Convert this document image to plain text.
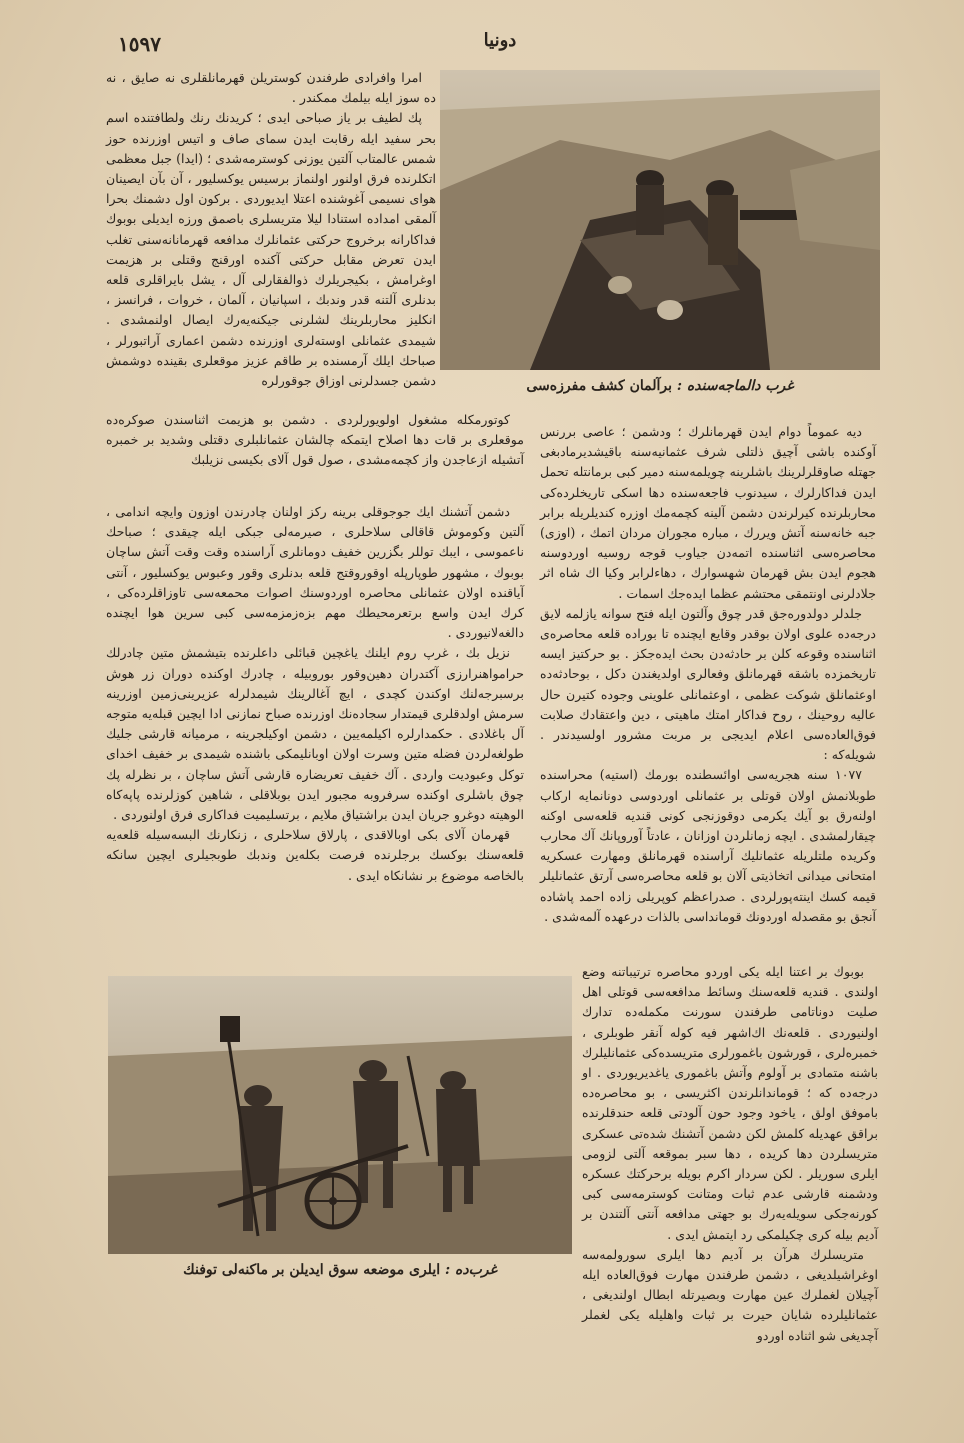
١٥٩٧	دونيا
غرب دالماجه‌سنده : برآلمان كشف مفرزه‌سی

امرا وافرادی طرفندن كوستريلن قهرمانلقلری نه صايق ، نه ده سوز ايله بيلمك ممكندر .

پك لطيف بر ياز صباحی ايدی ؛ كريدنك رنك ولطافتنده اسم بحر سفيد ايله رقابت ايدن سمای صاف و اتيس اوزرنده حوز شمس عالمتاب آلتين يوزنی كوسترمه‌شدی ؛ (ايدا) جبل معظمی اتكلرنده فرق اولنور اولنماز برسيس يوكسليور ، آن بآن ايصينان هوای نسيمی آغوشنده اعتلا ايديوردی . بركون اول دشمنك بحرا آلمقی امداده استنادا ليلا متريسلری باصمق ورزه ايديلی بوبوك فداكارانه برخروج حركتی عثمانلرك مدافعه قهرمانانه‌سنی تغلب ايدن تعرض مقابل حركتی آكنده اورقنج وقتلی بر هزيمت اوغرامش ، بكيجريلرك ذوالفقارلی آل ، يشل بايراقلری قلعه بدنلری آلتنه قدر وندبك ، اسپانيان ، آلمان ، خروات ، فرانسز ، انكليز محاربلرينك لشلرنی جيكنه‌يه‌رك ايصال اولنمشدی . شيمدی عثمانلی اوسته‌لری اوزرنده دشمن اعماری آراتبورلر ، صباحك ايلك آرمسنده بر طاقم عزيز موقعلری بقينده دوشمش دشمن جسدلرنی اوزاق جوقورلره

كوتورمكله مشغول اولويورلردی . دشمن بو هزيمت اثناسندن صوكره‌ده موقعلری بر قات دها اصلاح ايتمكه چالشان عثمانلبلری دقتلی وشديد بر خمبره آتشيله ازعاجدن واز كچمه‌مشدی ، صول قول آلای بكيسی نزيلبك

دشمن آتشنك ايك جوجوقلی برينه ركز اولنان چادرندن اوزون وايچه اندامی ، آلتين وكوموش قاقالی سلاحلری ، صيرمه‌لی جبكی ايله چيقدی ؛ صباحك ناعموسی ، ايبك توللر بگزرين خفيف دومانلری آراسنده وقت وقت آتش ساچان بوبوك ، مشهور طوپارپله اوقوروقتج قلعه بدنلری وقور وعبوس يوكسليور ، آنتی آياقنده اولان عثمانلی محاصره اوردوسنك اصوات محمعه‌سی تاوزاقلرده‌كی ، كرك ايدن واسع برتعرمحيطك مهم بزه‌زمزمه‌سی كبی سرين هوا ايچنده دالغه‌لانيوردی .

نزيل بك ، غرپ روم ايلنك ياغچين قبائلی داعلرنده بتيشمش متين چادرلك حرامواهنرارزی آكتدران دهين‌وقور بوروبيله ، چادرك اوكنده دوران زر هوش برسبرجه‌لنك اوكندن كچدی ، ايچ آغالرينك شيمدلرله عزيرينی‌زمين اوزرينه سرمش اولدقلری قيمتدار سجاده‌نك اوزرنده صباح نمازنی ادا ايچين قبله‌يه متوجه آل باغلادی . حكمدارلره اكيلمه‌يين ، دشمن اوكيلجرينه ، مرميانه قارشی جليك طولغه‌لردن فضله متين وسرت اولان اوبانليمكی باشنده شيمدی بر خفيف اخدای توكل وعبوديت واردی . آك خفيف تعريضاره قارشی آتش ساچان ، بر نظرله پك چوق باشلری اوكنده سرفروبه مجبور ايدن بوبلاقلی ، شاهين كوزلرنده پاپه‌كاه الوهيته دوغرو جريان ايدن براشتياق ملايم ، برتسليميت فداكاری فرق اولنوردی .

قهرمان آلای بكی اوبالاقدی ، پارلاق سلاحلری ، زنكارنك البسه‌سيله قلعه‌يه قلعه‌سنك بوكسك برجلرنده فرصت بكله‌ين وندبك طوبجيلری ايچين سانكه بالخاصه موضوع بر نشانكاه ايدی .

ديه عموماً دوام ايدن قهرمانلرك ؛ ودشمن ؛ عاصی بررنس آوكنده باشی آچيق ذلتلی شرف عثمانيه‌سنه باقيشدیرمادبغی جهتله صاوقلرلرينك باشلرينه چويلمه‌سنه دمير كبی برمانتله تحمل ايدن فداكارلرك ، سيدنوب فاجعه‌سنده دها اسكی تاريخلرده‌كی محاربلرنده كيرلرندن دشمن آلينه كچمه‌مك اوزره كنديلريله برابر جبه خانه‌سنه آتش ويررك ، مباره مجوران مردان اتمك ، (اوزی) محاصره‌سی اثناسنده اتمه‌دن جياوب قوجه روسيه اوردوسنه هجوم ايدن بش قهرمان شهسوارك ، دهاءلرابر وكيا اك شاه اثر جلادلرنی اونتمقی محتشم عظما ايده‌جك اسمات .

جلدلر دولدوره‌جق قدر چوق وآلتون ايله فتح سوانه يازلمه لايق درجه‌ده علوی اولان بوقدر وقايع ايچنده تا بوراده قلعه محاصره‌ی اثناسنده وقوعه كلن بر حادثه‌دن بحث ايده‌جكز . بو حركتيز ايسه تاريخمزده باشقه قهرمانلق وفعالری اولديغندن دكل ، بوحادثه‌ده اوعثمانلق شوكت عظمی ، اوعثمانلی علوينی وجوده كتيرن حال عاليه روحينك ، روح فداكار امتك ماهيتی ، دين واعتقادك صلابت فوق‌العاده‌سی اعلام ايديجی بر مربت مشرور اولسيدندر . شويله‌كه :

١٠٧٧ سنه هجريه‌سی اوائسطنده بورمك (استيه) محراسنده طوبلانمش اولان قوتلی بر عثمانلی اوردوسی دونانمايه اركاب اولنه‌رق بو آيك يكرمی دوقوزنجی كونی قنديه قلعه‌سی اوكنه چيقارلمشدی . ايچه زمانلردن اوزانان ، عادتاً آوروپانك آك محارب وكريده ملتلريله عثمانليك آراسنده قهرمانلق ومهارت عسكريه امتحانی ميدانی اتخاذيتی آلان بو قلعه محاصره‌سی آرتق عثمانليلر قيمه كسك اينته‌پورلردی . صدراعظم كوپريلی زاده احمد پاشاده آنجق بو مقصدله اوردونك قومانداسی بالذات درعهده آلمه‌شدی .

غرب‌ده : ايلری موضعه سوق ايديلن بر ماكنه‌لی توفنك

بوبوك بر اعتنا ايله يكی اوردو محاصره ترتيباتنه وضع اولندی . قنديه قلعه‌سنك وسائط مدافعه‌سی قوتلی اهل صليت دوناتامی طرفندن سورنت مكمله‌ده تدارك اولنيوردی . قلعه‌نك اك‌اشهر فيه كوله آنقر طوبلری ، خمبره‌لری ، قورشون باغمورلری متريسده‌كی عثمانليلرك باشنه متمادی بر آولوم وآتش باغموری ياغديريوردی . او درجه‌ده كه ؛ قوماندانلرندن اكثريسی ، بو محاصره‌ده باموفق اولق ، ياخود وجود حون آلودتی قلعه حندقلرنده براقق عهديله كلمش لكن دشمن آتشنك شده‌تی عسكری متريسلردن دها كريده ، دها سبر بموقعه آلتی لزومی ايلری سوريلر . لكن سردار اكرم بويله برحركتك عسكره ودشمنه قارشی عدم ثبات ومتانت كوسترمه‌سی كبی كورنه‌جكی سويله‌يه‌رك بو جهتی مدافعه آنتی آلتندن بر آديم بيله كری چكيلمكی رد ايتمش ايدی .

متريسلرك هرآن بر آديم دها ايلری سورولمه‌سه اوغراشيلديغی ، دشمن طرفندن مهارت فوق‌العاده ايله آچيلان لغملرك عين مهارت وبصيرتله ابطال اولنديغی ، عثمانليلرده شايان حيرت بر ثبات واهليله يكی لغملر آچديغی شو اثناده اوردو
